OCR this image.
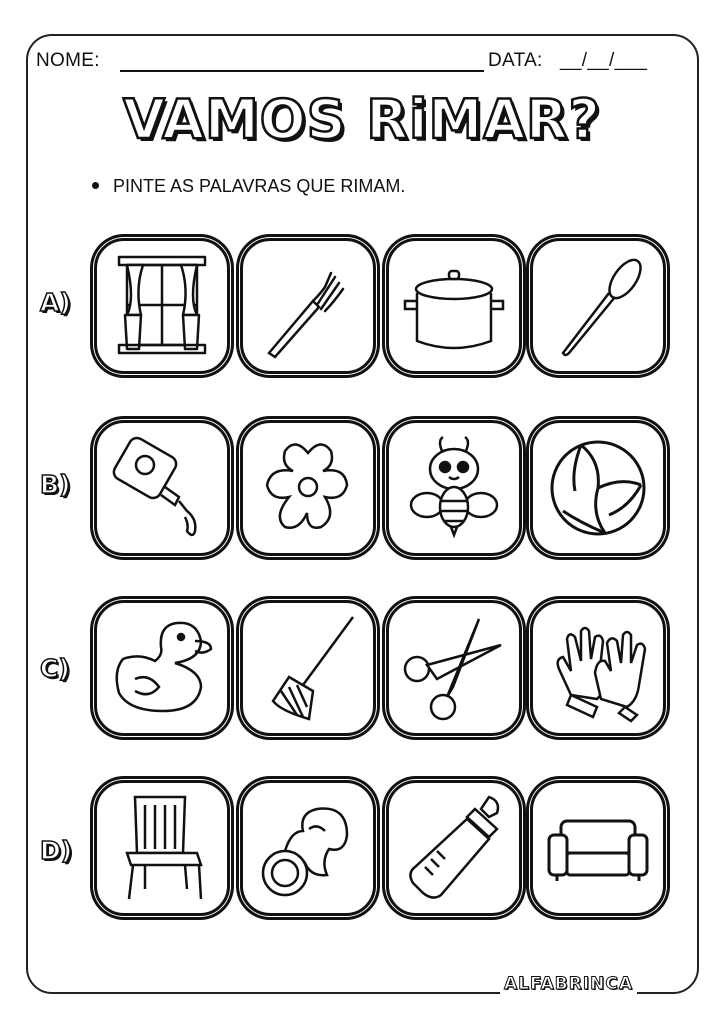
NOME:	DATA: __/__/___
VAMOS RiMAR?
PINTE AS PALAVRAS QUE RIMAM.
A)
B)
C)
D)
ALFABRINCA
